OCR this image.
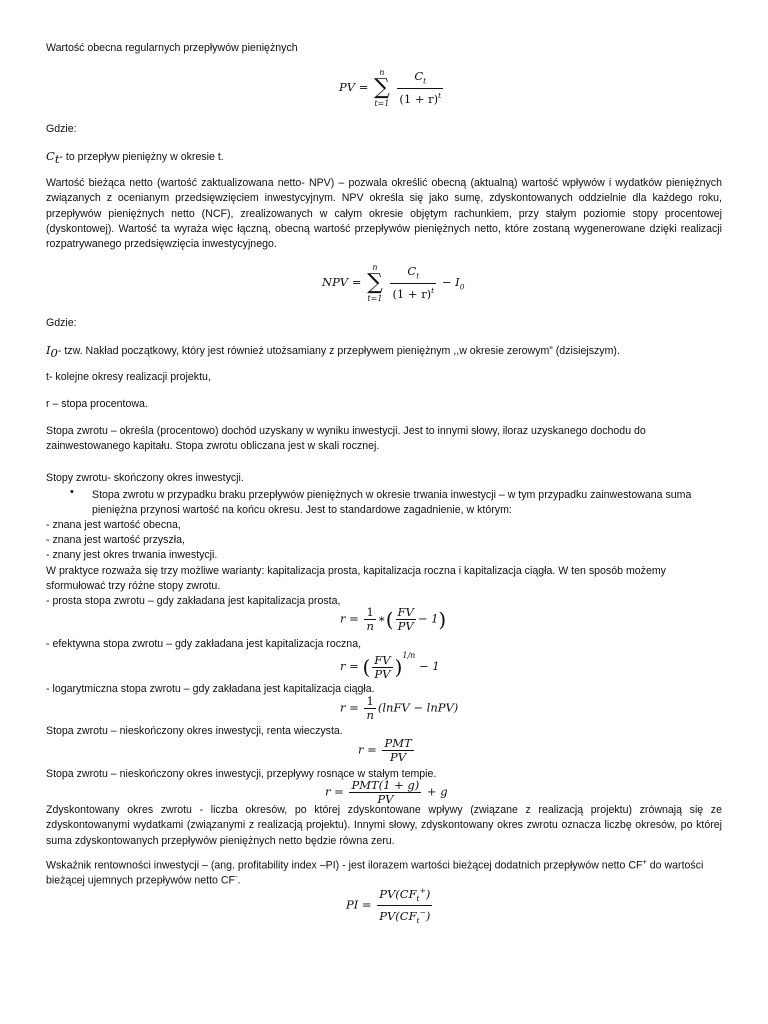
Wartość obecna regularnych przepływów pieniężnych
PV =
n
∑
t=1
$\frac{C_t}{(1 + r)^t}$
Gdzie:
$C_t-$ to przepływ pieniężny w okresie t.
Wartość bieżąca netto (wartość zaktualizowana netto- NPV) – pozwala określić obecną (aktualną) wartość wpływów i wydatków pieniężnych związanych z ocenianym przedsięwzięciem inwestycyjnym. NPV określa się jako sumę, zdyskontowanych oddzielnie dla każdego roku, przepływów pieniężnych netto (NCF), zrealizowanych w całym okresie objętym rachunkiem, przy stałym poziomie stopy procentowej (dyskontowej). Wartość ta wyraża więc łączną, obecną wartość przepływów pieniężnych netto, które zostaną wygenerowane dzięki realizacji rozpatrywanego przedsięwzięcia inwestycyjnego.
NPV =
n
∑
t=1
$\frac{C_t}{(1 + r)^t} - I_0$
Gdzie:
$I_0-$ tzw. Nakład początkowy, który jest również utożsamiany z przepływem pieniężnym ,,w okresie zerowym” (dzisiejszym).
t- kolejne okresy realizacji projektu,
r – stopa procentowa.
Stopa zwrotu – określa (procentowo) dochód uzyskany w wyniku inwestycji. Jest to innymi słowy, iloraz uzyskanego dochodu do
zainwestowanego kapitału. Stopa zwrotu obliczana jest w skali rocznej.
Stopy zwrotu- skończony okres inwestycji.
• Stopa zwrotu w przypadku braku przepływów pieniężnych w okresie trwania inwestycji – w tym przypadku zainwestowana suma
pieniężna przynosi wartość na końcu okresu. Jest to standardowe zagadnienie, w którym:
- znana jest wartość obecna,
- znana jest wartość przyszła,
- znany jest okres trwania inwestycji.
W praktyce rozważa się trzy możliwe warianty: kapitalizacja prosta, kapitalizacja roczna i kapitalizacja ciągła. W ten sposób możemy
sformułować trzy różne stopy zwrotu.
- prosta stopa zwrotu – gdy zakładana jest kapitalizacja prosta,
$r = \frac{1}{n}$ ∗( $\frac{FV}{PV} - 1$)
- efektywna stopa zwrotu – gdy zakładana jest kapitalizacja roczna,
r = ( $\frac{FV}{PV} )^{1/n} - 1$
- logarytmiczna stopa zwrotu – gdy zakładana jest kapitalizacja ciągła.
$r = \frac{1}{n}$ (lnFV − lnPV)
Stopa zwrotu – nieskończony okres inwestycji, renta wieczysta.
$r = \frac{\text{PMT}}{PV}$
Stopa zwrotu – nieskończony okres inwestycji, przepływy rosnące w stałym tempie.
$r = \frac{\text{PMT(1 + g)}}{PV} + g$
Zdyskontowany okres zwrotu - liczba okresów, po której zdyskontowane wpływy (związane z realizacją projektu) zrównają się ze zdyskontowanymi wydatkami (związanymi z realizacją projektu). Innymi słowy, zdyskontowany okres zwrotu oznacza liczbę okresów, po której suma zdyskontowanych przepływów pieniężnych netto będzie równa zeru.
Wskaźnik rentowności inwestycji – (ang. profitability index –PI) - jest ilorazem wartości bieżącej dodatnich przepływów netto CF+ do wartości
bieżącej ujemnych przepływów netto CF-.
PI = $\frac{PV(CF_t^+)}{PV(CF_t^-)}$
